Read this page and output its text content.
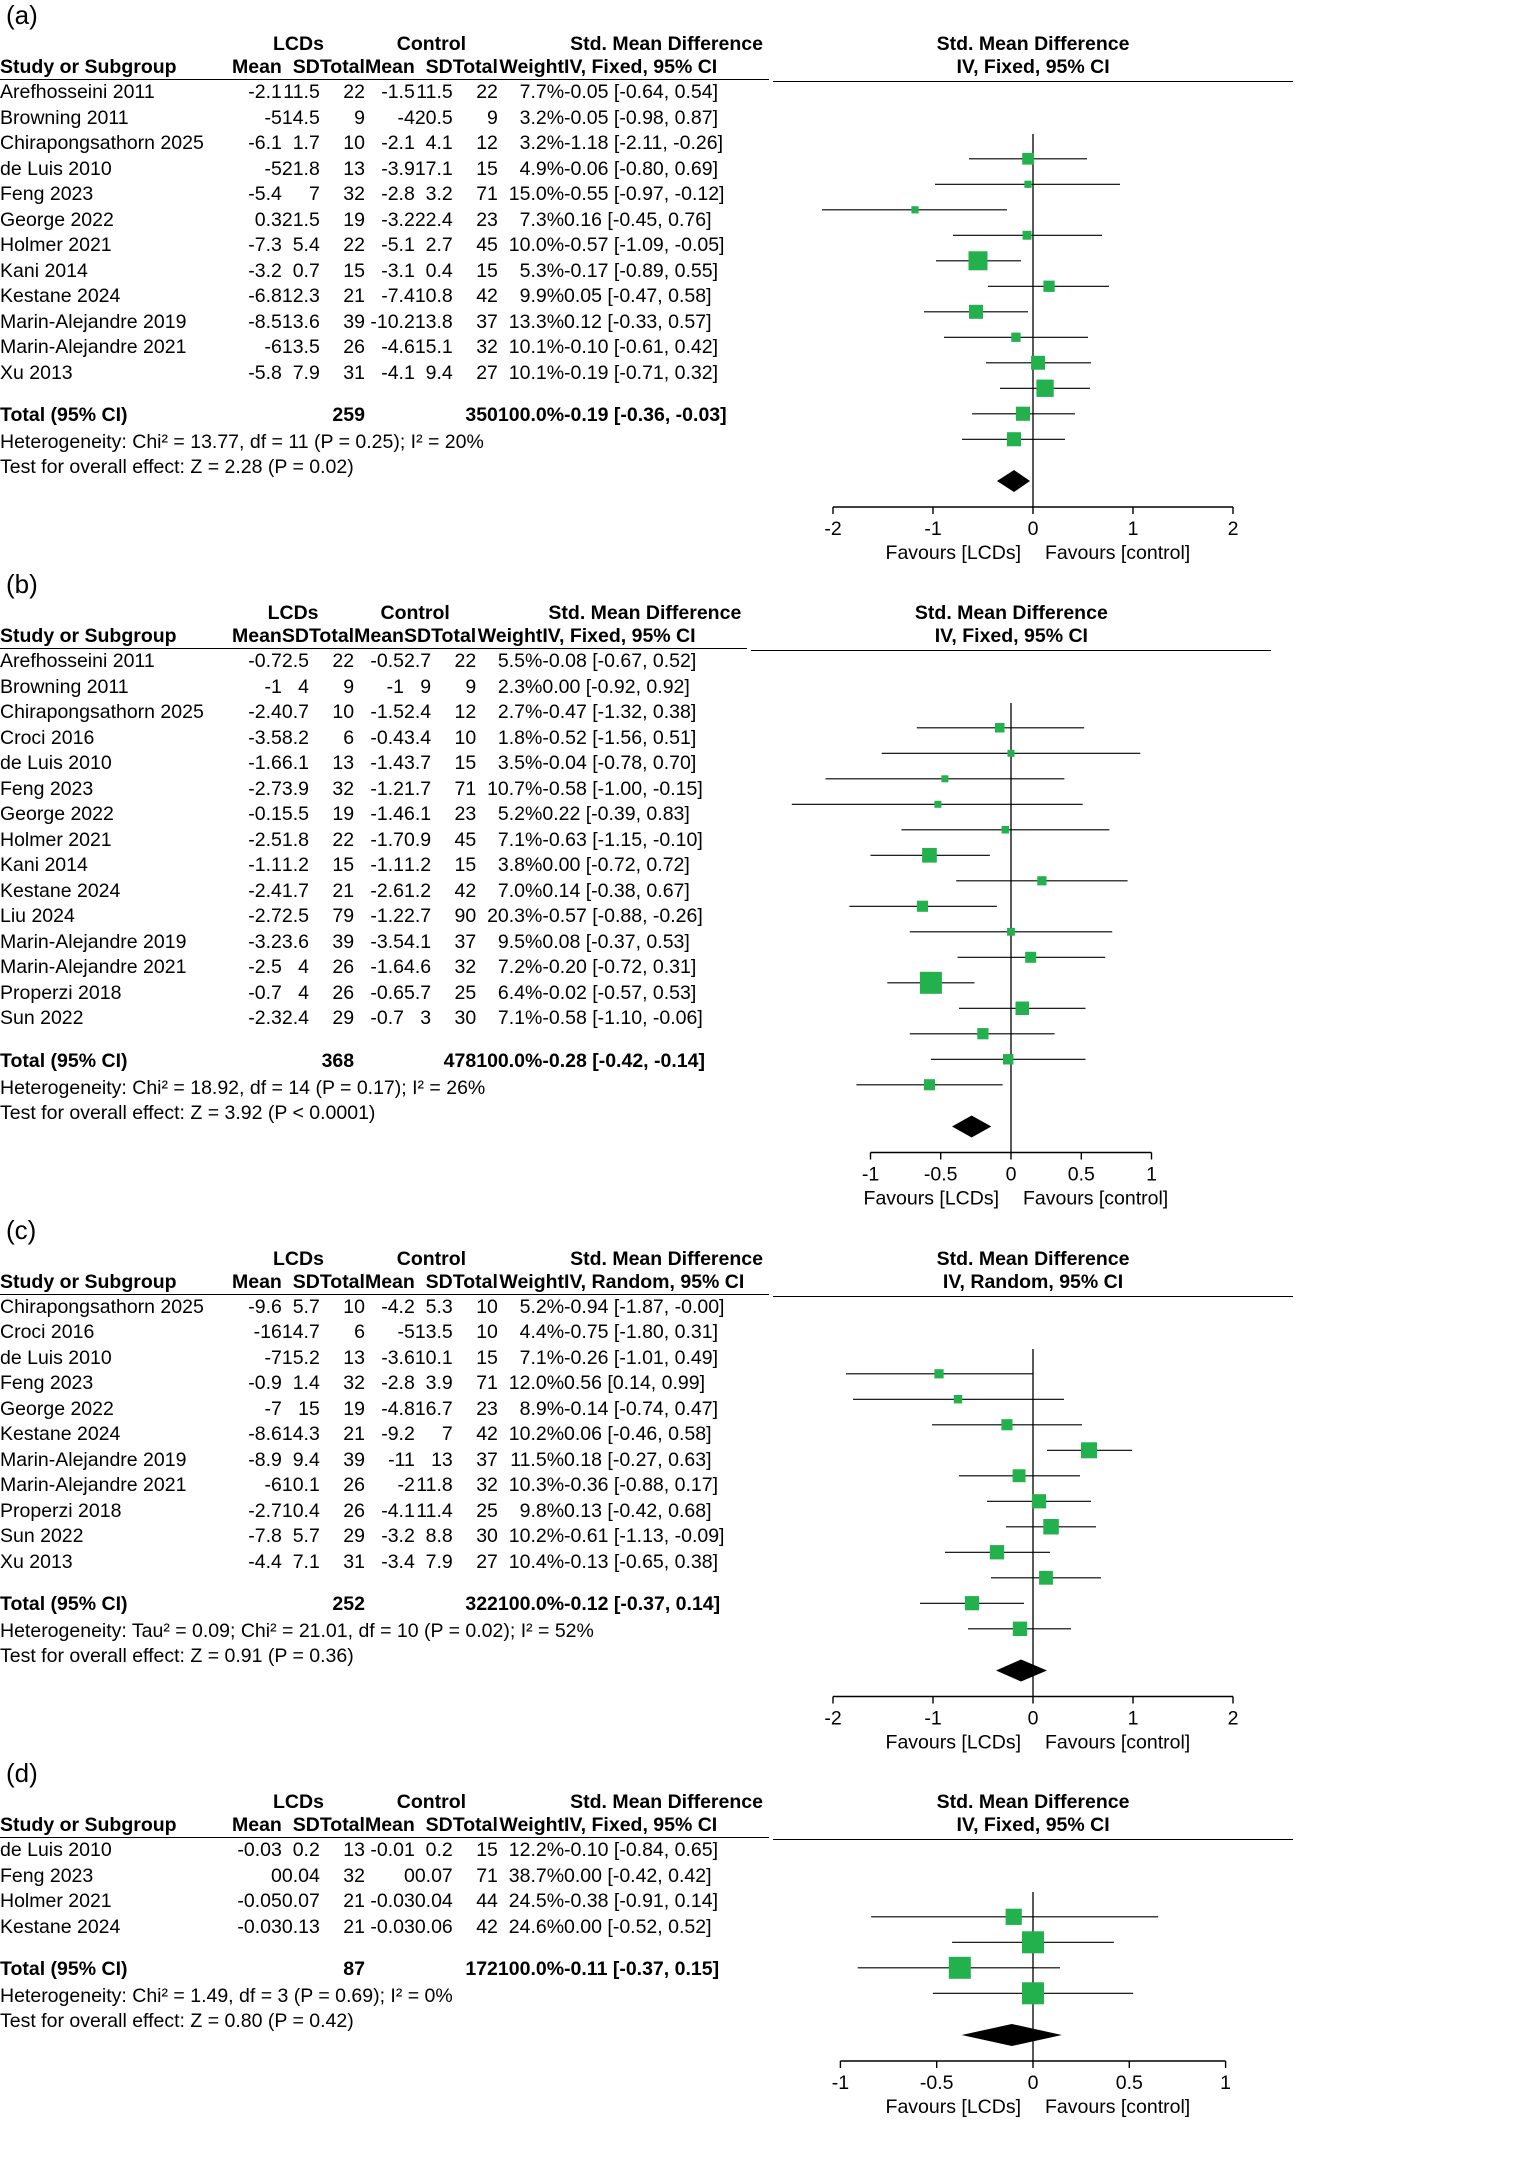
(a)
	LCDs			Control				Std. Mean Difference
Study or Subgroup	Mean	SD	Total	Mean	SD	Total	Weight	IV, Fixed, 95% CI
Arefhosseini 2011	-2.1	11.5	22	-1.5	11.5	22	7.7%	-0.05 [-0.64, 0.54]
Browning 2011	-5	14.5	9	-4	20.5	9	3.2%	-0.05 [-0.98, 0.87]
Chirapongsathorn 2025	-6.1	1.7	10	-2.1	4.1	12	3.2%	-1.18 [-2.11, -0.26]
de Luis 2010	-5	21.8	13	-3.9	17.1	15	4.9%	-0.06 [-0.80, 0.69]
Feng 2023	-5.4	7	32	-2.8	3.2	71	15.0%	-0.55 [-0.97, -0.12]
George 2022	0.3	21.5	19	-3.2	22.4	23	7.3%	0.16 [-0.45, 0.76]
Holmer 2021	-7.3	5.4	22	-5.1	2.7	45	10.0%	-0.57 [-1.09, -0.05]
Kani 2014	-3.2	0.7	15	-3.1	0.4	15	5.3%	-0.17 [-0.89, 0.55]
Kestane 2024	-6.8	12.3	21	-7.4	10.8	42	9.9%	0.05 [-0.47, 0.58]
Marin-Alejandre 2019	-8.5	13.6	39	-10.2	13.8	37	13.3%	0.12 [-0.33, 0.57]
Marin-Alejandre 2021	-6	13.5	26	-4.6	15.1	32	10.1%	-0.10 [-0.61, 0.42]
Xu 2013	-5.8	7.9	31	-4.1	9.4	27	10.1%	-0.19 [-0.71, 0.32]

Total (95% CI)			259			350	100.0%	-0.19 [-0.36, -0.03]
Heterogeneity: Chi² = 13.77, df = 11 (P = 0.25); I² = 20%								
Test for overall effect: Z = 2.28 (P = 0.02)								
Std. Mean Difference
IV, Fixed, 95% CI
-2	-1	0	1	2
Favours [LCDs] Favours [control]
(b)
	LCDs			Control				Std. Mean Difference
Study or Subgroup	Mean	SD	Total	Mean	SD	Total	Weight	IV, Fixed, 95% CI
Arefhosseini 2011	-0.7	2.5	22	-0.5	2.7	22	5.5%	-0.08 [-0.67, 0.52]
Browning 2011	-1	4	9	-1	9	9	2.3%	0.00 [-0.92, 0.92]
Chirapongsathorn 2025	-2.4	0.7	10	-1.5	2.4	12	2.7%	-0.47 [-1.32, 0.38]
Croci 2016	-3.5	8.2	6	-0.4	3.4	10	1.8%	-0.52 [-1.56, 0.51]
de Luis 2010	-1.6	6.1	13	-1.4	3.7	15	3.5%	-0.04 [-0.78, 0.70]
Feng 2023	-2.7	3.9	32	-1.2	1.7	71	10.7%	-0.58 [-1.00, -0.15]
George 2022	-0.1	5.5	19	-1.4	6.1	23	5.2%	0.22 [-0.39, 0.83]
Holmer 2021	-2.5	1.8	22	-1.7	0.9	45	7.1%	-0.63 [-1.15, -0.10]
Kani 2014	-1.1	1.2	15	-1.1	1.2	15	3.8%	0.00 [-0.72, 0.72]
Kestane 2024	-2.4	1.7	21	-2.6	1.2	42	7.0%	0.14 [-0.38, 0.67]
Liu 2024	-2.7	2.5	79	-1.2	2.7	90	20.3%	-0.57 [-0.88, -0.26]
Marin-Alejandre 2019	-3.2	3.6	39	-3.5	4.1	37	9.5%	0.08 [-0.37, 0.53]
Marin-Alejandre 2021	-2.5	4	26	-1.6	4.6	32	7.2%	-0.20 [-0.72, 0.31]
Properzi 2018	-0.7	4	26	-0.6	5.7	25	6.4%	-0.02 [-0.57, 0.53]
Sun 2022	-2.3	2.4	29	-0.7	3	30	7.1%	-0.58 [-1.10, -0.06]

Total (95% CI)			368			478	100.0%	-0.28 [-0.42, -0.14]
Heterogeneity: Chi² = 18.92, df = 14 (P = 0.17); I² = 26%								
Test for overall effect: Z = 3.92 (P < 0.0001)								
Std. Mean Difference
IV, Fixed, 95% CI
-1 -0.5 0	0.5	1
Favours [LCDs] Favours [control]
(c)
	LCDs			Control				Std. Mean Difference
Study or Subgroup	Mean	SD	Total	Mean	SD	Total	Weight	IV, Random, 95% CI
Chirapongsathorn 2025	-9.6	5.7	10	-4.2	5.3	10	5.2%	-0.94 [-1.87, -0.00]
Croci 2016	-16	14.7	6	-5	13.5	10	4.4%	-0.75 [-1.80, 0.31]
de Luis 2010	-7	15.2	13	-3.6	10.1	15	7.1%	-0.26 [-1.01, 0.49]
Feng 2023	-0.9	1.4	32	-2.8	3.9	71	12.0%	0.56 [0.14, 0.99]
George 2022	-7	15	19	-4.8	16.7	23	8.9%	-0.14 [-0.74, 0.47]
Kestane 2024	-8.6	14.3	21	-9.2	7	42	10.2%	0.06 [-0.46, 0.58]
Marin-Alejandre 2019	-8.9	9.4	39	-11	13	37	11.5%	0.18 [-0.27, 0.63]
Marin-Alejandre 2021	-6	10.1	26	-2	11.8	32	10.3%	-0.36 [-0.88, 0.17]
Properzi 2018	-2.7	10.4	26	-4.1	11.4	25	9.8%	0.13 [-0.42, 0.68]
Sun 2022	-7.8	5.7	29	-3.2	8.8	30	10.2%	-0.61 [-1.13, -0.09]
Xu 2013	-4.4	7.1	31	-3.4	7.9	27	10.4%	-0.13 [-0.65, 0.38]

Total (95% CI)			252			322	100.0%	-0.12 [-0.37, 0.14]
Heterogeneity: Tau² = 0.09; Chi² = 21.01, df = 10 (P = 0.02); I² = 52%								
Test for overall effect: Z = 0.91 (P = 0.36)								
Std. Mean Difference
IV, Random, 95% CI
-2	-1	0	1	2
Favours [LCDs] Favours [control]
(d)
	LCDs			Control				Std. Mean Difference
Study or Subgroup	Mean	SD	Total	Mean	SD	Total	Weight	IV, Fixed, 95% CI
de Luis 2010	-0.03	0.2	13	-0.01	0.2	15	12.2%	-0.10 [-0.84, 0.65]
Feng 2023	0	0.04	32	0	0.07	71	38.7%	0.00 [-0.42, 0.42]
Holmer 2021	-0.05	0.07	21	-0.03	0.04	44	24.5%	-0.38 [-0.91, 0.14]
Kestane 2024	-0.03	0.13	21	-0.03	0.06	42	24.6%	0.00 [-0.52, 0.52]

Total (95% CI)			87			172	100.0%	-0.11 [-0.37, 0.15]
Heterogeneity: Chi² = 1.49, df = 3 (P = 0.69); I² = 0%								
Test for overall effect: Z = 0.80 (P = 0.42)								
Std. Mean Difference
IV, Fixed, 95% CI
-1	-0.5	0	0.5	1
Favours [LCDs] Favours [control]
